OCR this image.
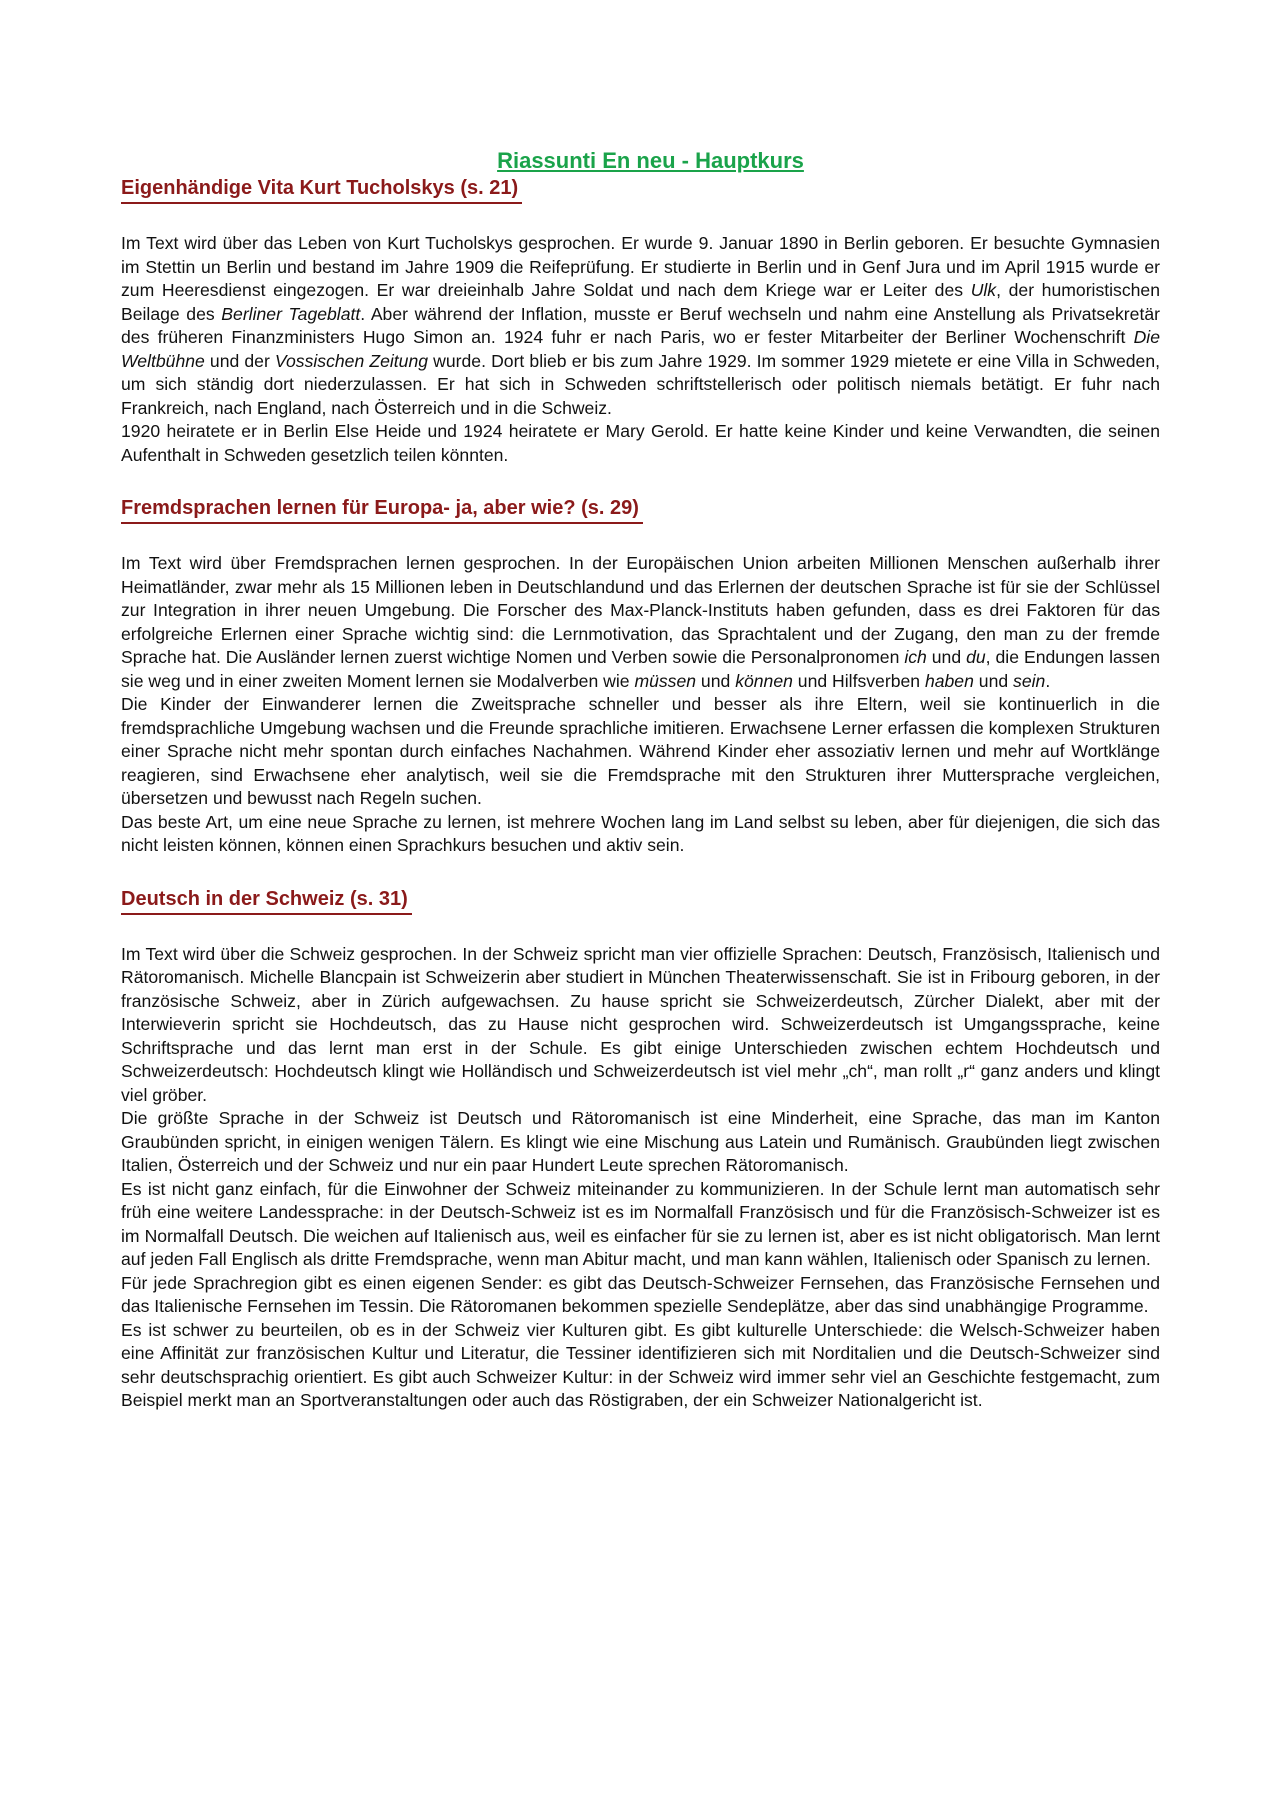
Riassunti En neu - Hauptkurs
Eigenhändige Vita Kurt Tucholskys (s. 21)

Im Text wird über das Leben von Kurt Tucholskys gesprochen. Er wurde 9. Januar 1890 in Berlin geboren. Er besuchte Gymnasien im Stettin un Berlin und bestand im Jahre 1909 die Reifeprüfung. Er studierte in Berlin und in Genf Jura und im April 1915 wurde er zum Heeresdienst eingezogen. Er war dreieinhalb Jahre Soldat und nach dem Kriege war er Leiter des Ulk, der humoristischen Beilage des Berliner Tageblatt. Aber während der Inflation, musste er Beruf wechseln und nahm eine Anstellung als Privatsekretär des früheren Finanzministers Hugo Simon an. 1924 fuhr er nach Paris, wo er fester Mitarbeiter der Berliner Wochenschrift Die Weltbühne und der Vossischen Zeitung wurde. Dort blieb er bis zum Jahre 1929. Im sommer 1929 mietete er eine Villa in Schweden, um sich ständig dort niederzulassen. Er hat sich in Schweden schriftstellerisch oder politisch niemals betätigt. Er fuhr nach Frankreich, nach England, nach Österreich und in die Schweiz.

1920 heiratete er in Berlin Else Heide und 1924 heiratete er Mary Gerold. Er hatte keine Kinder und keine Verwandten, die seinen Aufenthalt in Schweden gesetzlich teilen könnten.

Fremdsprachen lernen für Europa- ja, aber wie? (s. 29)

Im Text wird über Fremdsprachen lernen gesprochen. In der Europäischen Union arbeiten Millionen Menschen außerhalb ihrer Heimatländer, zwar mehr als 15 Millionen leben in Deutschlandund und das Erlernen der deutschen Sprache ist für sie der Schlüssel zur Integration in ihrer neuen Umgebung. Die Forscher des Max-Planck-Instituts haben gefunden, dass es drei Faktoren für das erfolgreiche Erlernen einer Sprache wichtig sind: die Lernmotivation, das Sprachtalent und der Zugang, den man zu der fremde Sprache hat. Die Ausländer lernen zuerst wichtige Nomen und Verben sowie die Personalpronomen ich und du, die Endungen lassen sie weg und in einer zweiten Moment lernen sie Modalverben wie müssen und können und Hilfsverben haben und sein.

Die Kinder der Einwanderer lernen die Zweitsprache schneller und besser als ihre Eltern, weil sie kontinuerlich in die fremdsprachliche Umgebung wachsen und die Freunde sprachliche imitieren. Erwachsene Lerner erfassen die komplexen Strukturen einer Sprache nicht mehr spontan durch einfaches Nachahmen. Während Kinder eher assoziativ lernen und mehr auf Wortklänge reagieren, sind Erwachsene eher analytisch, weil sie die Fremdsprache mit den Strukturen ihrer Muttersprache vergleichen, übersetzen und bewusst nach Regeln suchen.

Das beste Art, um eine neue Sprache zu lernen, ist mehrere Wochen lang im Land selbst su leben, aber für diejenigen, die sich das nicht leisten können, können einen Sprachkurs besuchen und aktiv sein.

Deutsch in der Schweiz (s. 31)

Im Text wird über die Schweiz gesprochen. In der Schweiz spricht man vier offizielle Sprachen: Deutsch, Französisch, Italienisch und Rätoromanisch. Michelle Blancpain ist Schweizerin aber studiert in München Theaterwissenschaft. Sie ist in Fribourg geboren, in der französische Schweiz, aber in Zürich aufgewachsen. Zu hause spricht sie Schweizerdeutsch, Zürcher Dialekt, aber mit der Interwieverin spricht sie Hochdeutsch, das zu Hause nicht gesprochen wird. Schweizerdeutsch ist Umgangssprache, keine Schriftsprache und das lernt man erst in der Schule. Es gibt einige Unterschieden zwischen echtem Hochdeutsch und Schweizerdeutsch: Hochdeutsch klingt wie Holländisch und Schweizerdeutsch ist viel mehr „ch“, man rollt „r“ ganz anders und klingt viel gröber.

Die größte Sprache in der Schweiz ist Deutsch und Rätoromanisch ist eine Minderheit, eine Sprache, das man im Kanton Graubünden spricht, in einigen wenigen Tälern. Es klingt wie eine Mischung aus Latein und Rumänisch. Graubünden liegt zwischen Italien, Österreich und der Schweiz und nur ein paar Hundert Leute sprechen Rätoromanisch.

Es ist nicht ganz einfach, für die Einwohner der Schweiz miteinander zu kommunizieren. In der Schule lernt man automatisch sehr früh eine weitere Landessprache: in der Deutsch-Schweiz ist es im Normalfall Französisch und für die Französisch-Schweizer ist es im Normalfall Deutsch. Die weichen auf Italienisch aus, weil es einfacher für sie zu lernen ist, aber es ist nicht obligatorisch. Man lernt auf jeden Fall Englisch als dritte Fremdsprache, wenn man Abitur macht, und man kann wählen, Italienisch oder Spanisch zu lernen.

Für jede Sprachregion gibt es einen eigenen Sender: es gibt das Deutsch-Schweizer Fernsehen, das Französische Fernsehen und das Italienische Fernsehen im Tessin. Die Rätoromanen bekommen spezielle Sendeplätze, aber das sind unabhängige Programme.

Es ist schwer zu beurteilen, ob es in der Schweiz vier Kulturen gibt. Es gibt kulturelle Unterschiede: die Welsch-Schweizer haben eine Affinität zur französischen Kultur und Literatur, die Tessiner identifizieren sich mit Norditalien und die Deutsch-Schweizer sind sehr deutschsprachig orientiert. Es gibt auch Schweizer Kultur: in der Schweiz wird immer sehr viel an Geschichte festgemacht, zum Beispiel merkt man an Sportveranstaltungen oder auch das Röstigraben, der ein Schweizer Nationalgericht ist.
